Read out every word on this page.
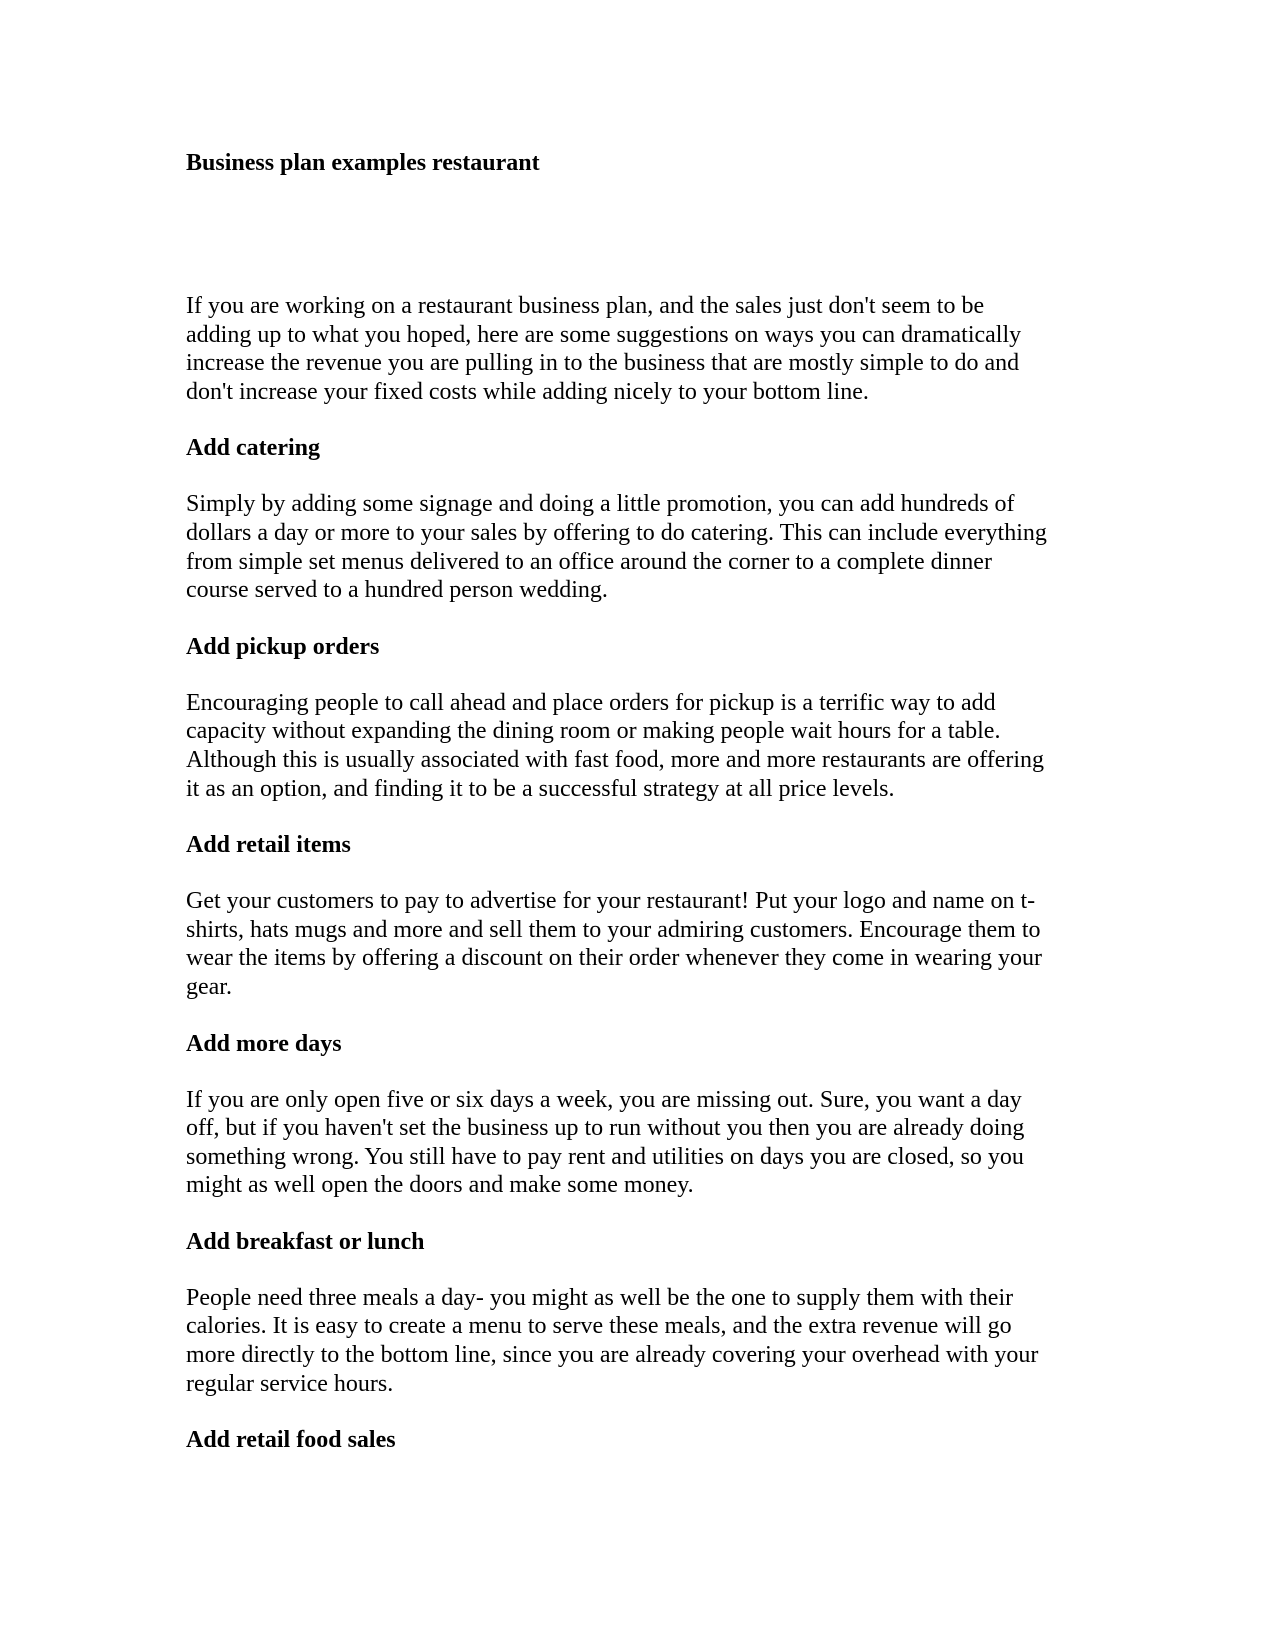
Business plan examples restaurant

If you are working on a restaurant business plan, and the sales just don't seem to be
adding up to what you hoped, here are some suggestions on ways you can dramatically
increase the revenue you are pulling in to the business that are mostly simple to do and
don't increase your fixed costs while adding nicely to your bottom line.

Add catering

Simply by adding some signage and doing a little promotion, you can add hundreds of
dollars a day or more to your sales by offering to do catering. This can include everything
from simple set menus delivered to an office around the corner to a complete dinner
course served to a hundred person wedding.

Add pickup orders

Encouraging people to call ahead and place orders for pickup is a terrific way to add
capacity without expanding the dining room or making people wait hours for a table.
Although this is usually associated with fast food, more and more restaurants are offering
it as an option, and finding it to be a successful strategy at all price levels.

Add retail items

Get your customers to pay to advertise for your restaurant! Put your logo and name on t-
shirts, hats mugs and more and sell them to your admiring customers. Encourage them to
wear the items by offering a discount on their order whenever they come in wearing your
gear.

Add more days

If you are only open five or six days a week, you are missing out. Sure, you want a day
off, but if you haven't set the business up to run without you then you are already doing
something wrong. You still have to pay rent and utilities on days you are closed, so you
might as well open the doors and make some money.

Add breakfast or lunch

People need three meals a day- you might as well be the one to supply them with their
calories. It is easy to create a menu to serve these meals, and the extra revenue will go
more directly to the bottom line, since you are already covering your overhead with your
regular service hours.

Add retail food sales
